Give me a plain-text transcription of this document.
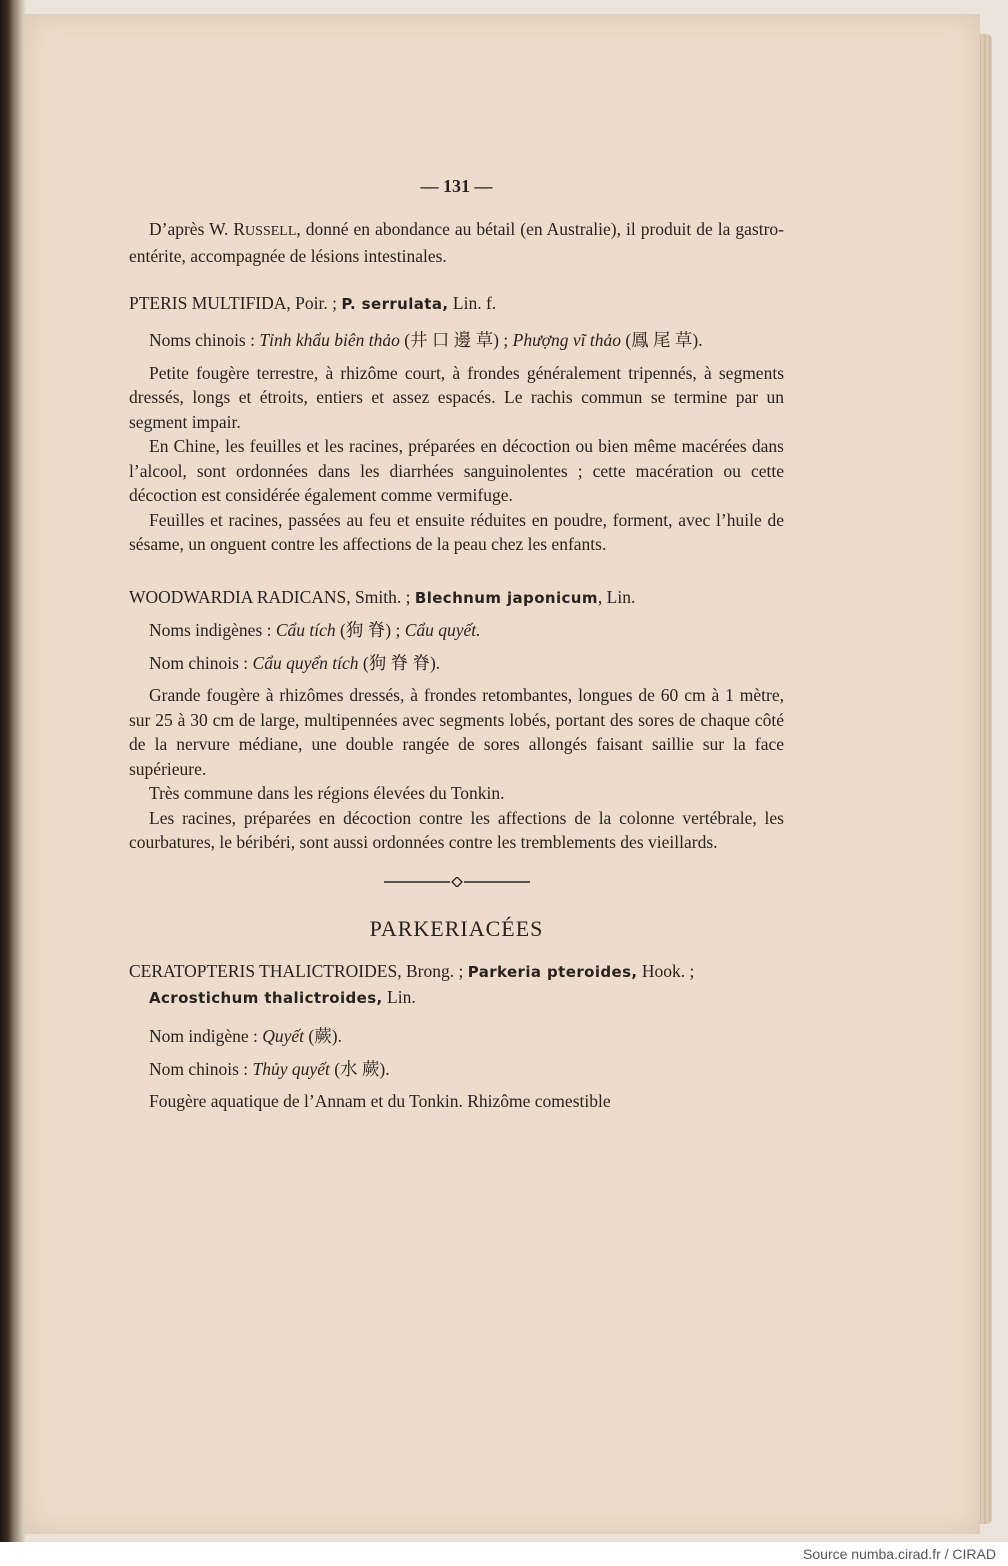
— 131 —

D’après W. RUSSELL, donné en abondance au bétail (en Australie), il produit de la gastro-entérite, accompagnée de lésions intestinales.

PTERIS MULTIFIDA, Poir. ; P. serrulata, Lin. f.

Noms chinois : Tỉnh khẩu biên thảo (井 口 邊 草) ; Phượng vĩ thảo (鳳 尾 草).

Petite fougère terrestre, à rhizôme court, à frondes généralement tripennés, à segments dressés, longs et étroits, entiers et assez espacés. Le rachis commun se termine par un segment impair.

En Chine, les feuilles et les racines, préparées en décoction ou bien même macérées dans l’alcool, sont ordonnées dans les diarrhées sanguinolentes ; cette macération ou cette décoction est considérée également comme vermifuge.

Feuilles et racines, passées au feu et ensuite réduites en poudre, forment, avec l’huile de sésame, un onguent contre les affections de la peau chez les enfants.

WOODWARDIA RADICANS, Smith. ; Blechnum japonicum, Lin.

Noms indigènes : Cẩu tích (狗 脊) ; Cẩu quyết.

Nom chinois : Cẩu quyển tích (狗 脊 脊).

Grande fougère à rhizômes dressés, à frondes retombantes, longues de 60 cm à 1 mètre, sur 25 à 30 cm de large, multipennées avec segments lobés, portant des sores de chaque côté de la nervure médiane, une double rangée de sores allongés faisant saillie sur la face supérieure.

Très commune dans les régions élevées du Tonkin.

Les racines, préparées en décoction contre les affections de la colonne vertébrale, les courbatures, le béribéri, sont aussi ordonnées contre les tremblements des vieillards.

PARKERIACÉES

CERATOPTERIS THALICTROIDES, Brong. ; Parkeria pteroides, Hook. ;

Acrostichum thalictroides, Lin.

Nom indigène : Quyết (蕨).

Nom chinois : Thủy quyết (水 蕨).

Fougère aquatique de l’Annam et du Tonkin. Rhizôme comestible

Source numba.cirad.fr / CIRAD
